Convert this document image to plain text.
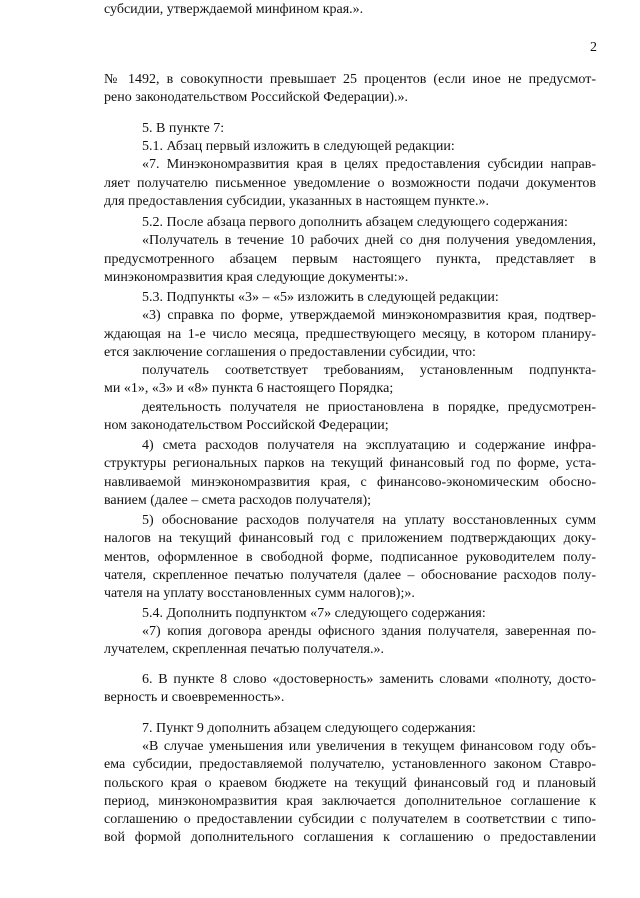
2
№ 1492, в совокупности превышает 25 процентов (если иное не предусмот-
рено законодательством Российской Федерации).».
5. В пункте 7:
5.1. Абзац первый изложить в следующей редакции:
«7. Минэкономразвития края в целях предоставления субсидии направ-
ляет получателю письменное уведомление о возможности подачи документов
для предоставления субсидии, указанных в настоящем пункте.».
5.2. После абзаца первого дополнить абзацем следующего содержания:
«Получатель в течение 10 рабочих дней со дня получения уведомления,
предусмотренного абзацем первым настоящего пункта, представляет в
минэкономразвития края следующие документы:».
5.3. Подпункты «3» – «5» изложить в следующей редакции:
«3) справка по форме, утверждаемой минэкономразвития края, подтвер-
ждающая на 1-е число месяца, предшествующего месяцу, в котором планиру-
ется заключение соглашения о предоставлении субсидии, что:
получатель соответствует требованиям, установленным подпункта-
ми «1», «3» и «8» пункта 6 настоящего Порядка;
деятельность получателя не приостановлена в порядке, предусмотрен-
ном законодательством Российской Федерации;
4) смета расходов получателя на эксплуатацию и содержание инфра-
структуры региональных парков на текущий финансовый год по форме, уста-
навливаемой минэкономразвития края, с финансово-экономическим обосно-
ванием (далее – смета расходов получателя);
5) обоснование расходов получателя на уплату восстановленных сумм
налогов на текущий финансовый год с приложением подтверждающих доку-
ментов, оформленное в свободной форме, подписанное руководителем полу-
чателя, скрепленное печатью получателя (далее – обоснование расходов полу-
чателя на уплату восстановленных сумм налогов);».
5.4. Дополнить подпунктом «7» следующего содержания:
«7) копия договора аренды офисного здания получателя, заверенная по-
лучателем, скрепленная печатью получателя.».
6. В пункте 8 слово «достоверность» заменить словами «полноту, досто-
верность и своевременность».
7. Пункт 9 дополнить абзацем следующего содержания:
«В случае уменьшения или увеличения в текущем финансовом году объ-
ема субсидии, предоставляемой получателю, установленного законом Ставро-
польского края о краевом бюджете на текущий финансовый год и плановый
период, минэкономразвития края заключается дополнительное соглашение к
соглашению о предоставлении субсидии с получателем в соответствии с типо-
вой формой дополнительного соглашения к соглашению о предоставлении
субсидии, утверждаемой минфином края.».
